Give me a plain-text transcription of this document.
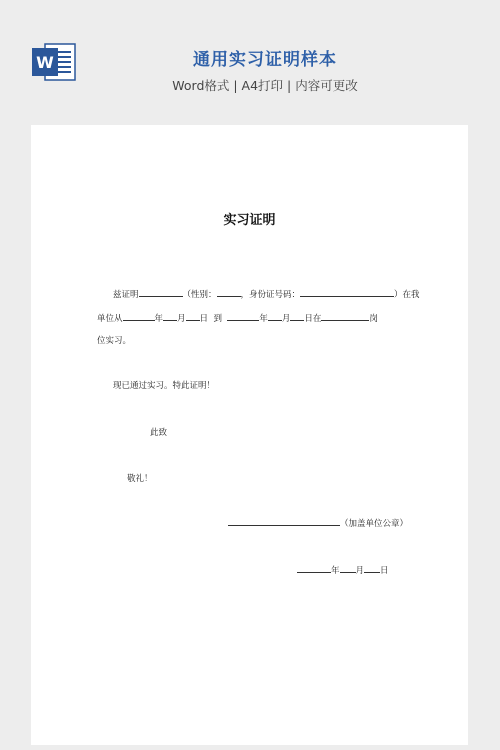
W	通用实习证明样本
Word格式 | A4打印 | 内容可更改
实习证明
兹证明	（性别：	，身份证号码：	）在我
单位从	年 月 日  到	年 月 日在	岗
位实习。
现已通过实习。特此证明！
此致
敬礼！
（加盖单位公章）
年 月 日
